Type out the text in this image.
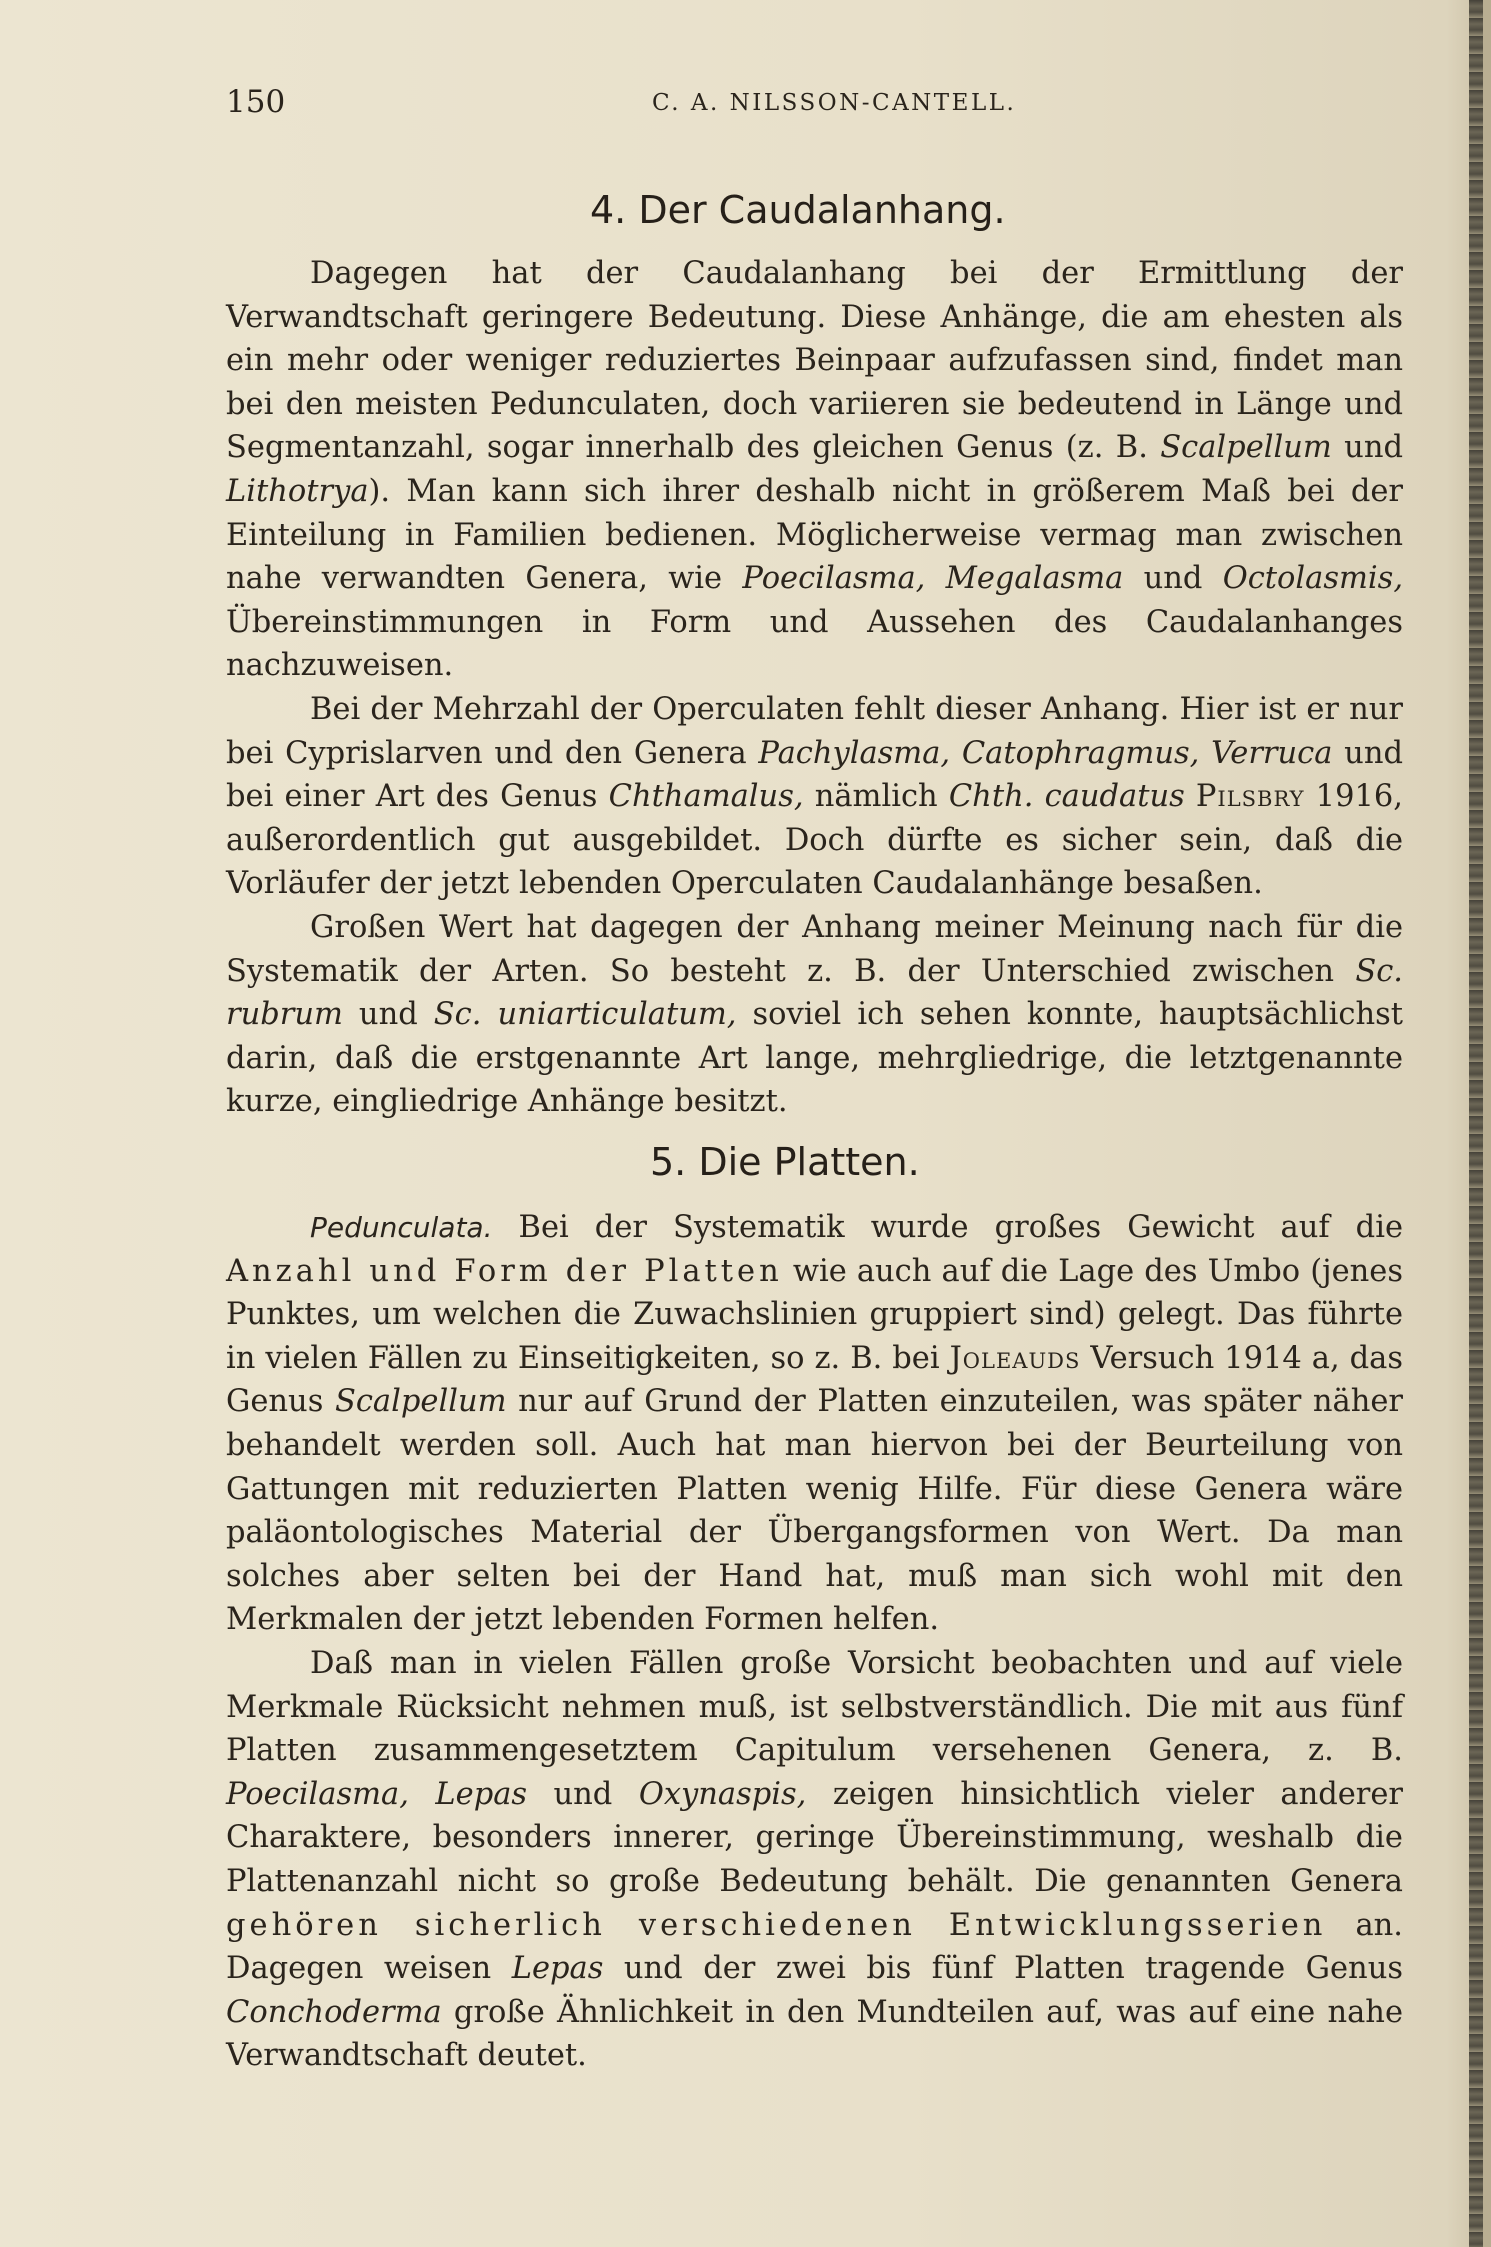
150	C. A. NILSSON-CANTELL.
4. Der Caudalanhang.

Dagegen hat der Caudalanhang bei der Ermittlung der Verwandtschaft geringere Bedeutung. Diese Anhänge, die am ehesten als ein mehr oder weniger reduziertes Beinpaar aufzufassen sind, findet man bei den meisten Pedunculaten, doch variieren sie bedeutend in Länge und Segmentanzahl, sogar innerhalb des gleichen Genus (z. B. Scalpellum und Lithotrya). Man kann sich ihrer deshalb nicht in größerem Maß bei der Einteilung in Familien bedienen. Möglicherweise vermag man zwischen nahe verwandten Genera, wie Poecilasma, Megalasma und Octolasmis, Übereinstimmungen in Form und Aussehen des Caudalanhanges nachzuweisen.

Bei der Mehrzahl der Operculaten fehlt dieser Anhang. Hier ist er nur bei Cyprislarven und den Genera Pachylasma, Catophragmus, Verruca und bei einer Art des Genus Chthamalus, nämlich Chth. caudatus Pilsbry 1916, außerordentlich gut ausgebildet. Doch dürfte es sicher sein, daß die Vorläufer der jetzt lebenden Operculaten Caudalanhänge besaßen.

Großen Wert hat dagegen der Anhang meiner Meinung nach für die Systematik der Arten. So besteht z. B. der Unterschied zwischen Sc. rubrum und Sc. uniarticulatum, soviel ich sehen konnte, hauptsächlichst darin, daß die erstgenannte Art lange, mehrgliedrige, die letztgenannte kurze, eingliedrige Anhänge besitzt.

5. Die Platten.

Pedunculata. Bei der Systematik wurde großes Gewicht auf die Anzahl und Form der Platten wie auch auf die Lage des Umbo (jenes Punktes, um welchen die Zuwachslinien gruppiert sind) gelegt. Das führte in vielen Fällen zu Einseitigkeiten, so z. B. bei Joleauds Versuch 1914 a, das Genus Scalpellum nur auf Grund der Platten einzuteilen, was später näher behandelt werden soll. Auch hat man hiervon bei der Beurteilung von Gattungen mit reduzierten Platten wenig Hilfe. Für diese Genera wäre paläontologisches Material der Übergangsformen von Wert. Da man solches aber selten bei der Hand hat, muß man sich wohl mit den Merkmalen der jetzt lebenden Formen helfen.

Daß man in vielen Fällen große Vorsicht beobachten und auf viele Merkmale Rücksicht nehmen muß, ist selbstverständlich. Die mit aus fünf Platten zusammengesetztem Capitulum versehenen Genera, z. B. Poecilasma, Lepas und Oxynaspis, zeigen hinsichtlich vieler anderer Charaktere, besonders innerer, geringe Übereinstimmung, weshalb die Plattenanzahl nicht so große Bedeutung behält. Die genannten Genera gehören sicherlich verschiedenen Entwicklungsserien an. Dagegen weisen Lepas und der zwei bis fünf Platten tragende Genus Conchoderma große Ähnlichkeit in den Mundteilen auf, was auf eine nahe Verwandtschaft deutet.
